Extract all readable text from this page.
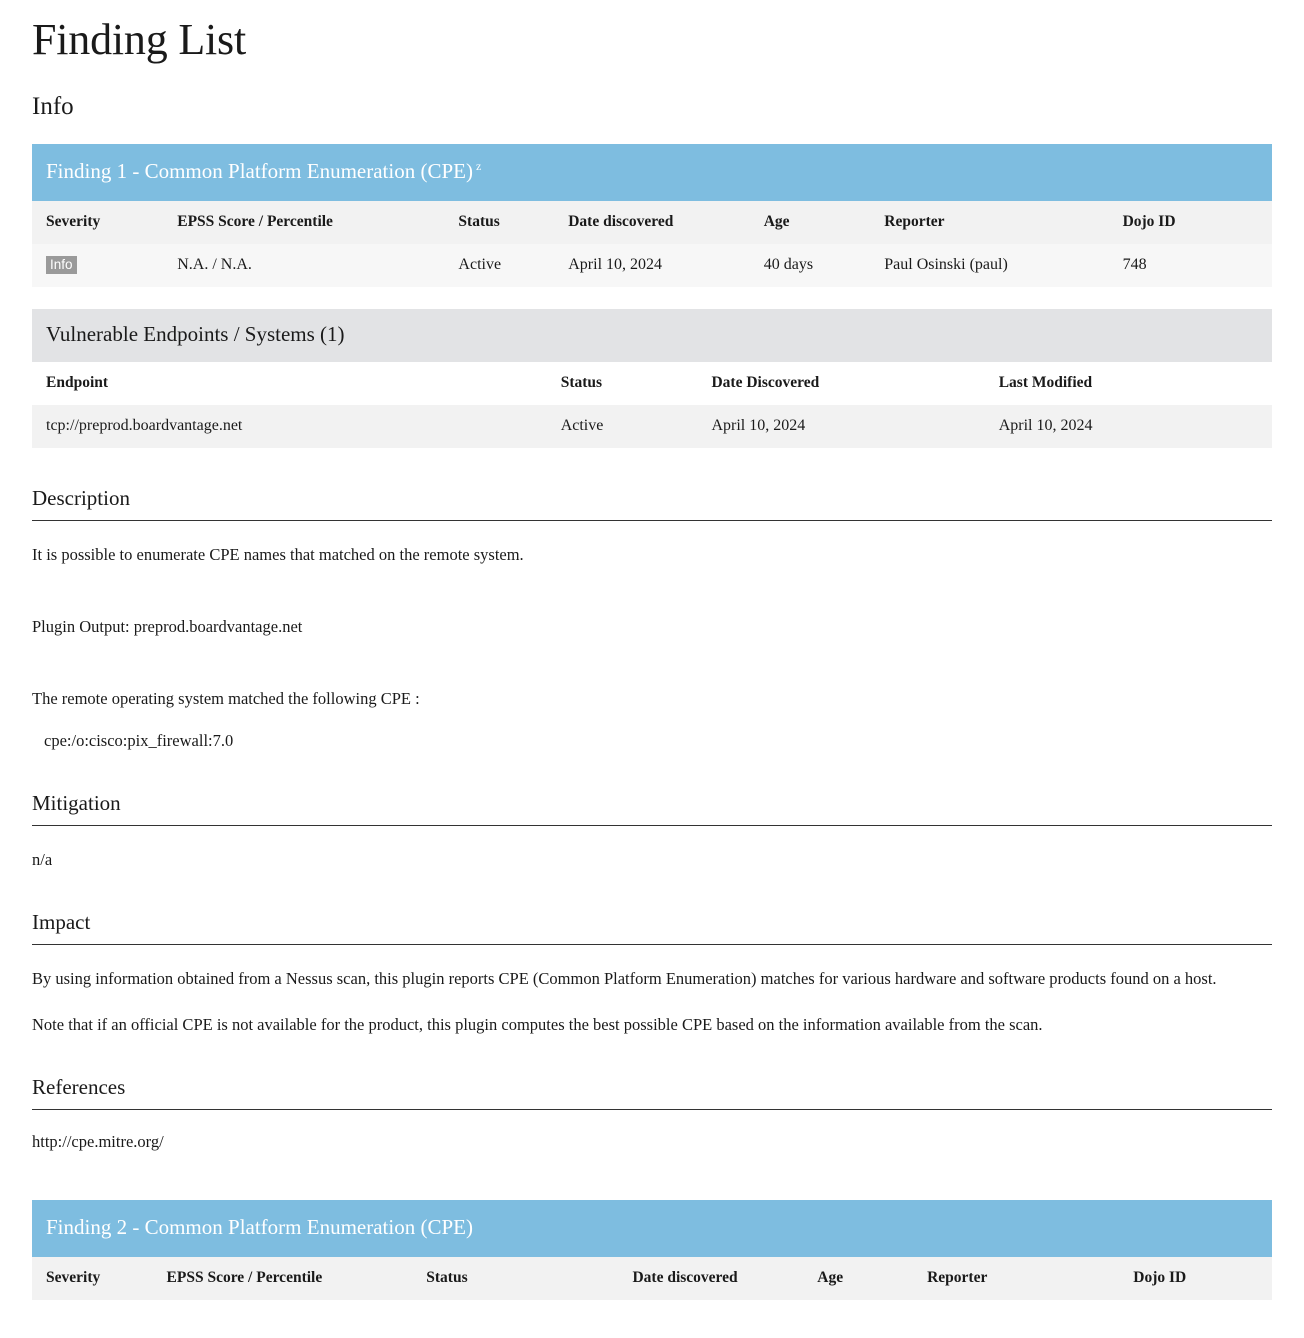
Finding List
Info
Finding 1 - Common Platform Enumeration (CPE) $^z$
Severity	EPSS Score / Percentile	Status	Date discovered	Age	Reporter	Dojo ID
Info	N.A. / N.A.	Active	April 10, 2024	40 days	Paul Osinski (paul)	748
Vulnerable Endpoints / Systems (1)
Endpoint	Status	Date Discovered	Last Modified
tcp://preprod.boardvantage.net	Active	April 10, 2024	April 10, 2024
Description

It is possible to enumerate CPE names that matched on the remote system.

Plugin Output: preprod.boardvantage.net

The remote operating system matched the following CPE :

cpe:/o:cisco:pix_firewall:7.0

Mitigation

n/a

Impact

By using information obtained from a Nessus scan, this plugin reports CPE (Common Platform Enumeration) matches for various hardware and software products found on a host.

Note that if an official CPE is not available for the product, this plugin computes the best possible CPE based on the information available from the scan.

References
http://cpe.mitre.org/
Finding 2 - Common Platform Enumeration (CPE)
Severity	EPSS Score / Percentile	Status	Date discovered	Age	Reporter	Dojo ID
